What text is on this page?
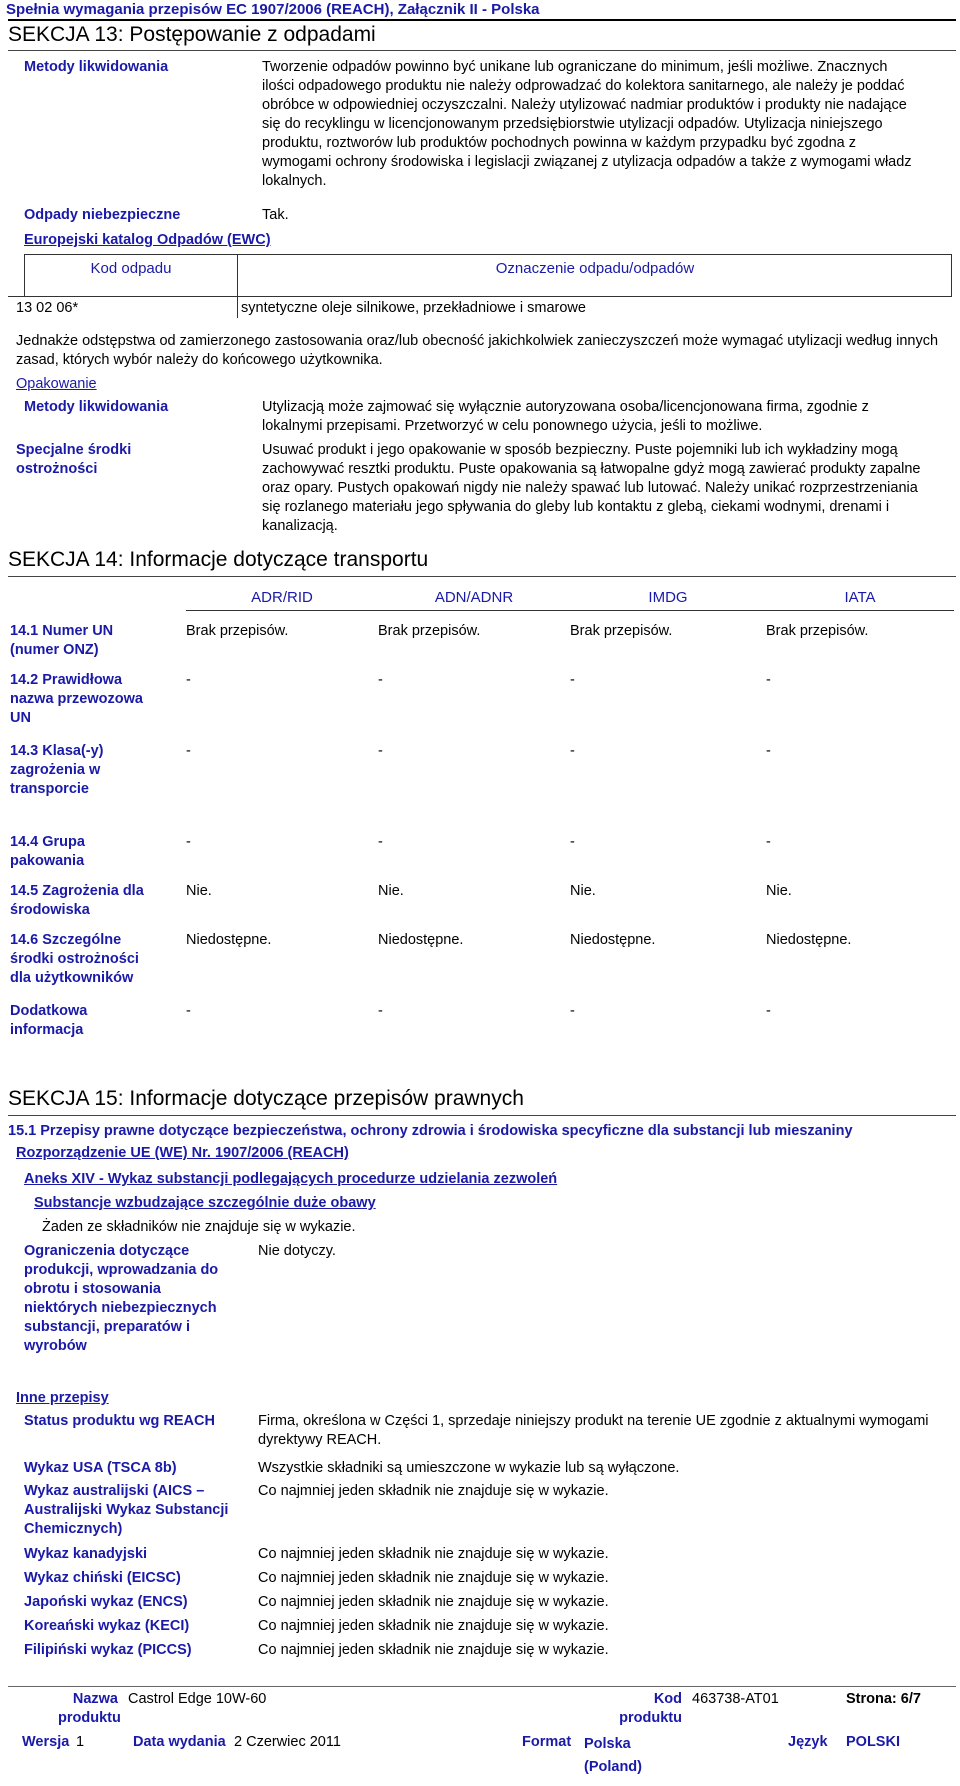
Spełnia wymagania przepisów EC 1907/2006 (REACH), Załącznik II - Polska
SEKCJA 13: Postępowanie z odpadami
Metody likwidowania	Tworzenie odpadów powinno być unikane lub ograniczane do minimum, jeśli możliwe. Znacznych ilości odpadowego produktu nie należy odprowadzać do kolektora sanitarnego, ale należy je poddać obróbce w odpowiedniej oczyszczalni. Należy utylizować nadmiar produktów i produkty nie nadające się do recyklingu w licencjonowanym przedsiębiorstwie utylizacji odpadów. Utylizacja niniejszego produktu, roztworów lub produktów pochodnych powinna w każdym przypadku być zgodna z wymogami ochrony środowiska i legislacji związanej z utylizacja odpadów a także z wymogami władz lokalnych.
Odpady niebezpieczne	Tak.
Europejski katalog Odpadów (EWC)
Kod odpadu	Oznaczenie odpadu/odpadów
13 02 06*	syntetyczne oleje silnikowe, przekładniowe i smarowe
Jednakże odstępstwa od zamierzonego zastosowania oraz/lub obecność jakichkolwiek zanieczyszczeń może wymagać utylizacji według innych zasad, których wybór należy do końcowego użytkownika.
Opakowanie
Metody likwidowania	Utylizacją może zajmować się wyłącznie autoryzowana osoba/licencjonowana firma, zgodnie z lokalnymi przepisami. Przetworzyć w celu ponownego użycia, jeśli to możliwe.
Specjalne środki ostrożności
Usuwać produkt i jego opakowanie w sposób bezpieczny. Puste pojemniki lub ich wykładziny mogą zachowywać resztki produktu. Puste opakowania są łatwopalne gdyż mogą zawierać produkty zapalne oraz opary. Pustych opakowań nigdy nie należy spawać lub lutować. Należy unikać rozprzestrzeniania się rozlanego materiału jego spływania do gleby lub kontaktu z glebą, ciekami wodnymi, drenami i kanalizacją.
SEKCJA 14: Informacje dotyczące transportu
ADR/RID	ADN/ADNR	IMDG	IATA
14.1 Numer UN (numer ONZ)
Brak przepisów.	Brak przepisów.	Brak przepisów.	Brak przepisów.
14.2 Prawidłowa nazwa przewozowa UN
-	-	-	-
14.3 Klasa(-y) zagrożenia w transporcie
-	-	-	-
14.4 Grupa pakowania
-	-	-	-
14.5 Zagrożenia dla środowiska
Nie.	Nie.	Nie.	Nie.
14.6 Szczególne środki ostrożności dla użytkowników
Niedostępne.	Niedostępne.	Niedostępne.	Niedostępne.
Dodatkowa informacja
-	-	-	-
SEKCJA 15: Informacje dotyczące przepisów prawnych
15.1 Przepisy prawne dotyczące bezpieczeństwa, ochrony zdrowia i środowiska specyficzne dla substancji lub mieszaniny
Rozporządzenie UE (WE) Nr. 1907/2006 (REACH)
Aneks XIV - Wykaz substancji podlegających procedurze udzielania zezwoleń
Substancje wzbudzające szczególnie duże obawy
Żaden ze składników nie znajduje się w wykazie.
Ograniczenia dotyczące produkcji, wprowadzania do obrotu i stosowania niektórych niebezpiecznych substancji, preparatów i wyrobów
Nie dotyczy.
Inne przepisy
Status produktu wg REACH	Firma, określona w Części 1, sprzedaje niniejszy produkt na terenie UE zgodnie z aktualnymi wymogami dyrektywy REACH.
Wykaz USA (TSCA 8b)	Wszystkie składniki są umieszczone w wykazie lub są wyłączone.
Wykaz australijski (AICS – Australijski Wykaz Substancji Chemicznych)
Co najmniej jeden składnik nie znajduje się w wykazie.
Wykaz kanadyjski	Co najmniej jeden składnik nie znajduje się w wykazie.
Wykaz chiński (EICSC)	Co najmniej jeden składnik nie znajduje się w wykazie.
Japoński wykaz (ENCS)	Co najmniej jeden składnik nie znajduje się w wykazie.
Koreański wykaz (KECI)	Co najmniej jeden składnik nie znajduje się w wykazie.
Filipiński wykaz (PICCS)	Co najmniej jeden składnik nie znajduje się w wykazie.
Nazwa produktu
Castrol Edge 10W-60	Kod produktu
463738-AT01	Strona: 6/7
Wersja 1	Data wydania 2 Czerwiec 2011	Format Polska (Poland)
Język POLSKI
